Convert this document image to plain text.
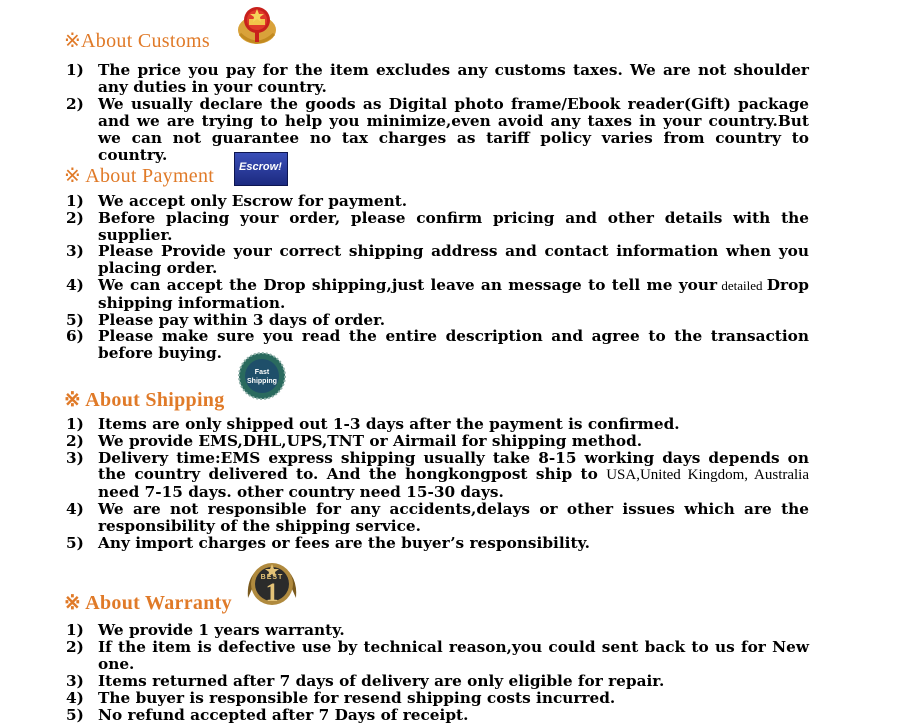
※About Customs
1) The price you pay for the item excludes any customs taxes. We are not shoulder any duties in your country.
2) We usually declare the goods as Digital photo frame/Ebook reader(Gift) package and we are trying to help you minimize,even avoid any taxes in your country.But we can not guarantee no tax charges as tariff policy varies from country to country.
※ About Payment Escrow!
1) We accept only Escrow for payment.
2) Before placing your order, please confirm pricing and other details with the supplier.
3) Please Provide your correct shipping address and contact information when you placing order.
4) We can accept the Drop shipping,just leave an message to tell me your detailed Drop shipping information.
5) Please pay within 3 days of order.
6) Please make sure you read the entire description and agree to the transaction before buying.
※ About Shipping
Fast
Shipping
1) Items are only shipped out 1-3 days after the payment is confirmed.
2) We provide EMS,DHL,UPS,TNT or Airmail for shipping method.
3) Delivery time:EMS express shipping usually take 8-15 working days depends on the country delivered to. And the hongkongpost ship to USA,United Kingdom, Australia need 7-15 days. other country need 15-30 days.
4) We are not responsible for any accidents,delays or other issues which are the responsibility of the shipping service.
5) Any import charges or fees are the buyer’s responsibility.
※ About Warranty
BEST
1
1) We provide 1 years warranty.
2) If the item is defective use by technical reason,you could sent back to us for New one.
3) Items returned after 7 days of delivery are only eligible for repair.
4) The buyer is responsible for resend shipping costs incurred.
5) No refund accepted after 7 Days of receipt.
